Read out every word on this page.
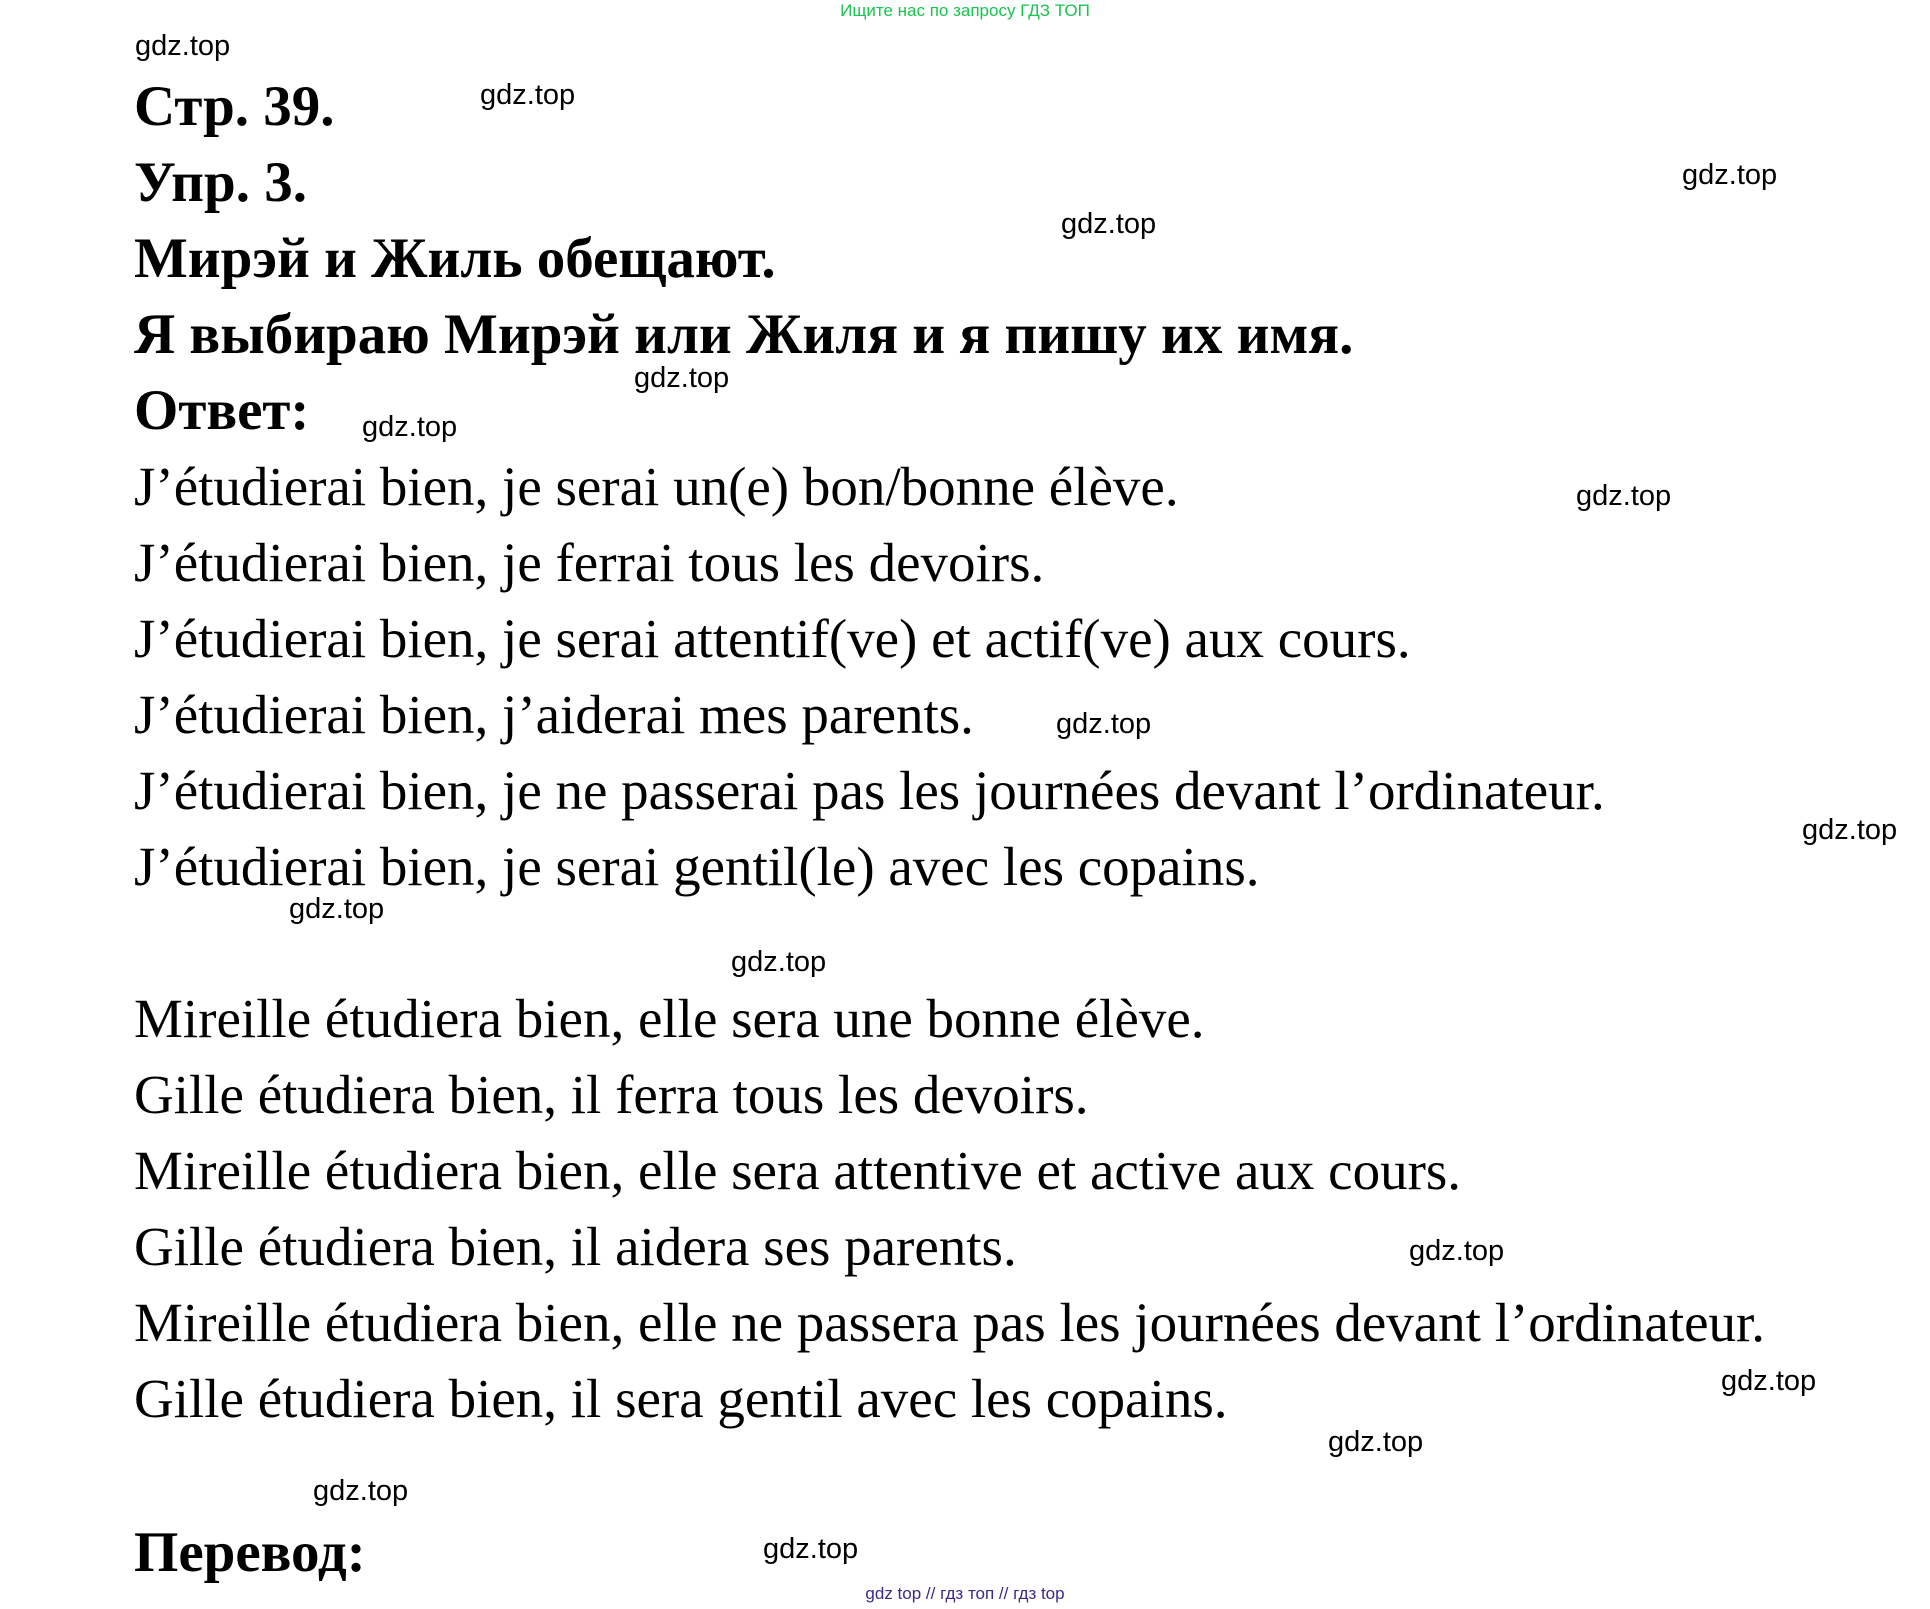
Ищите нас по запросу ГДЗ ТОП
Стр. 39.
Упр. 3.
Мирэй и Жиль обещают.
Я выбираю Мирэй или Жиля и я пишу их имя.
Ответ:
J’étudierai bien, je serai un(e) bon/bonne élève.
J’étudierai bien, je ferrai tous les devoirs.
J’étudierai bien, je serai attentif(ve) et actif(ve) aux cours.
J’étudierai bien, j’aiderai mes parents.
J’étudierai bien, je ne passerai pas les journées devant l’ordinateur.
J’étudierai bien, je serai gentil(le) avec les copains.
Mireille étudiera bien, elle sera une bonne élève.
Gille étudiera bien, il ferra tous les devoirs.
Mireille étudiera bien, elle sera attentive et active aux cours.
Gille étudiera bien, il aidera ses parents.
Mireille étudiera bien, elle ne passera pas les journées devant l’ordinateur.
Gille étudiera bien, il sera gentil avec les copains.
Перевод:
gdz.top
gdz.top
gdz.top
gdz.top
gdz.top
gdz.top
gdz.top
gdz.top
gdz.top
gdz.top
gdz.top
gdz.top
gdz.top
gdz.top
gdz.top
gdz.top
gdz top // гдз топ // гдз top
